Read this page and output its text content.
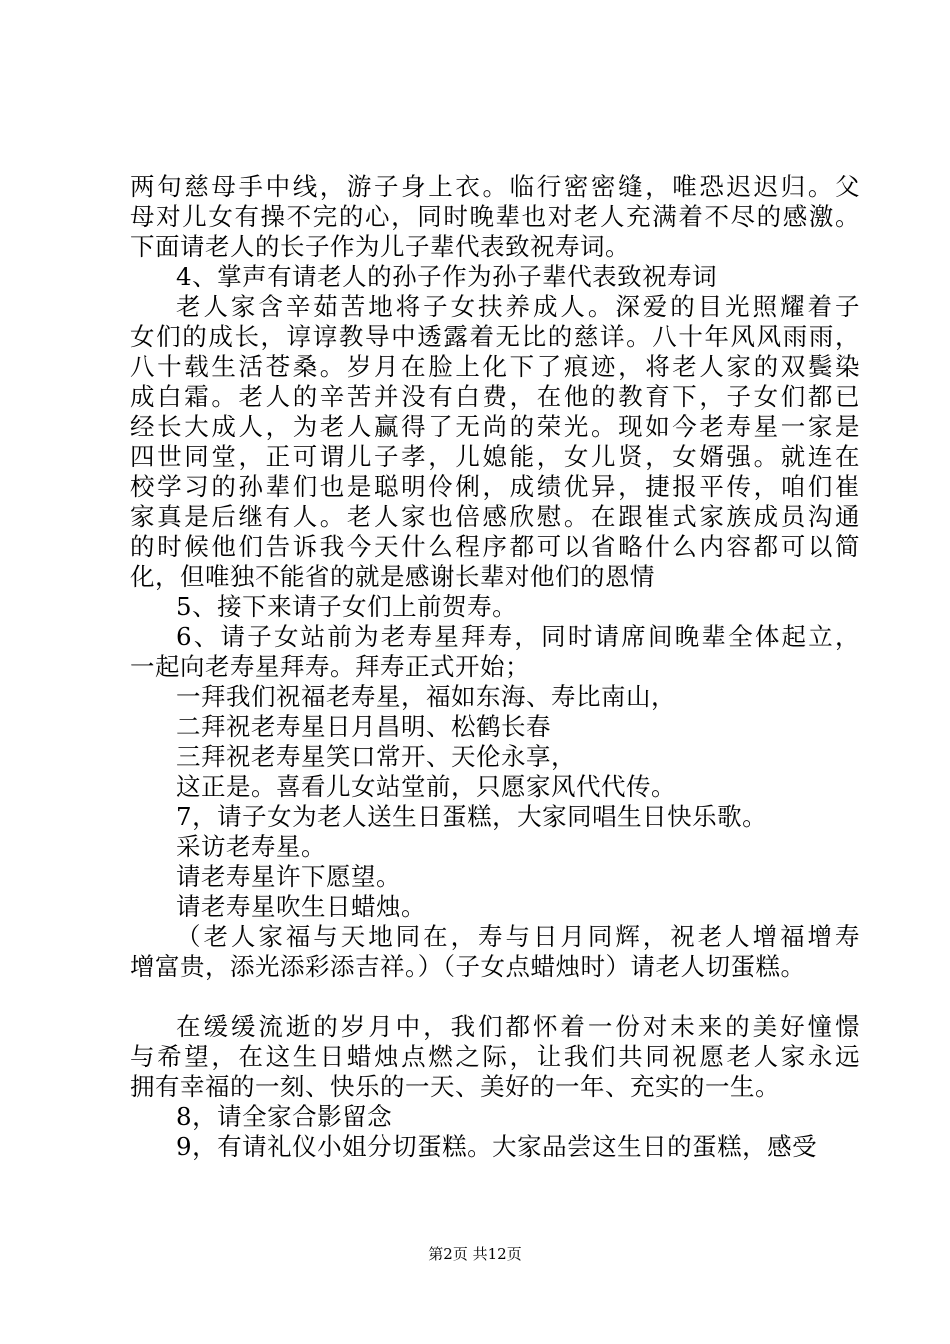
两句慈母手中线，游子身上衣。临行密密缝，唯恐迟迟归。父
母对儿女有操不完的心，同时晚辈也对老人充满着不尽的感激。
下面请老人的长子作为儿子辈代表致祝寿词。
4、掌声有请老人的孙子作为孙子辈代表致祝寿词
老人家含辛茹苦地将子女扶养成人。深爱的目光照耀着子
女们的成长，谆谆教导中透露着无比的慈详。八十年风风雨雨，
八十载生活苍桑。岁月在脸上化下了痕迹，将老人家的双鬓染
成白霜。老人的辛苦并没有白费，在他的教育下，子女们都已
经长大成人，为老人赢得了无尚的荣光。现如今老寿星一家是
四世同堂，正可谓儿子孝，儿媳能，女儿贤，女婿强。就连在
校学习的孙辈们也是聪明伶俐，成绩优异，捷报平传，咱们崔
家真是后继有人。老人家也倍感欣慰。在跟崔式家族成员沟通
的时候他们告诉我今天什么程序都可以省略什么内容都可以简
化，但唯独不能省的就是感谢长辈对他们的恩情
5、接下来请子女们上前贺寿。
6、请子女站前为老寿星拜寿，同时请席间晚辈全体起立，
一起向老寿星拜寿。拜寿正式开始；
一拜我们祝福老寿星，福如东海、寿比南山，
二拜祝老寿星日月昌明、松鹤长春
三拜祝老寿星笑口常开、天伦永享，
这正是。喜看儿女站堂前，只愿家风代代传。
7，请子女为老人送生日蛋糕，大家同唱生日快乐歌。
采访老寿星。
请老寿星许下愿望。
请老寿星吹生日蜡烛。
（老人家福与天地同在，寿与日月同辉，祝老人增福增寿
增富贵，添光添彩添吉祥。）（子女点蜡烛时）请老人切蛋糕。
在缓缓流逝的岁月中，我们都怀着一份对未来的美好憧憬
与希望，在这生日蜡烛点燃之际，让我们共同祝愿老人家永远
拥有幸福的一刻、快乐的一天、美好的一年、充实的一生。
8，请全家合影留念
9，有请礼仪小姐分切蛋糕。大家品尝这生日的蛋糕，感受
第2页 共12页
